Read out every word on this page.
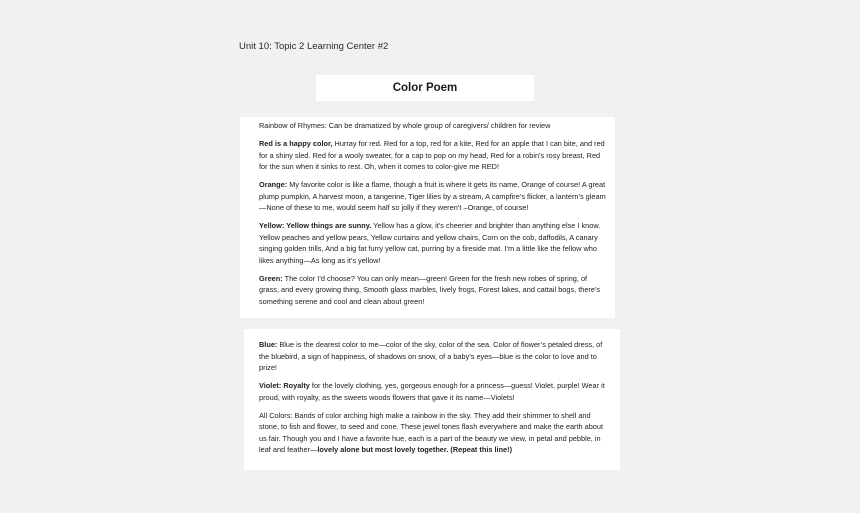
Unit 10: Topic 2 Learning Center #2
Color Poem

Rainbow of Rhymes: Can be dramatized by whole group of caregivers/ children for review

Red is a happy color, Hurray for red. Red for a top, red for a kite, Red for an apple that I can bite, and red for a shiny sled. Red for a wooly sweater, for a cap to pop on my head, Red for a robin’s rosy breast, Red for the sun when it sinks to rest. Oh, when it comes to color-give me RED!

Orange: My favorite color is like a flame, though a fruit is where it gets its name, Orange of course! A great plump pumpkin, A harvest moon, a tangerine, Tiger lilies by a stream, A campfire’s flicker, a lantern’s gleam—None of these to me, would seem half so jolly if they weren’t –Orange, of course!

Yellow: Yellow things are sunny. Yellow has a glow, it’s cheerier and brighter than anything else I know. Yellow peaches and yellow pears, Yellow curtains and yellow chairs, Corn on the cob, daffodils, A canary singing golden trills, And a big fat furry yellow cat, purring by a fireside mat. I’m a little like the fellow who likes anything—As long as it’s yellow!

Green: The color I’d choose? You can only mean—green! Green for the fresh new robes of spring, of grass, and every growing thing, Smooth glass marbles, lively frogs, Forest lakes, and cattail bogs, there’s something serene and cool and clean about green!

Blue: Blue is the dearest color to me—color of the sky, color of the sea. Color of flower’s petaled dress, of the bluebird, a sign of happiness, of shadows on snow, of a baby’s eyes—blue is the color to love and to prize!

Violet: Royalty for the lovely clothing, yes, gorgeous enough for a princess—guess! Violet, purple! Wear it proud, with royalty, as the sweets woods flowers that gave it its name—Violets!

All Colors: Bands of color arching high make a rainbow in the sky. They add their shimmer to shell and stone, to fish and flower, to seed and cone. These jewel tones flash everywhere and make the earth about us fair. Though you and I have a favorite hue, each is a part of the beauty we view, in petal and pebble, in leaf and feather—lovely alone but most lovely together. (Repeat this line!)
